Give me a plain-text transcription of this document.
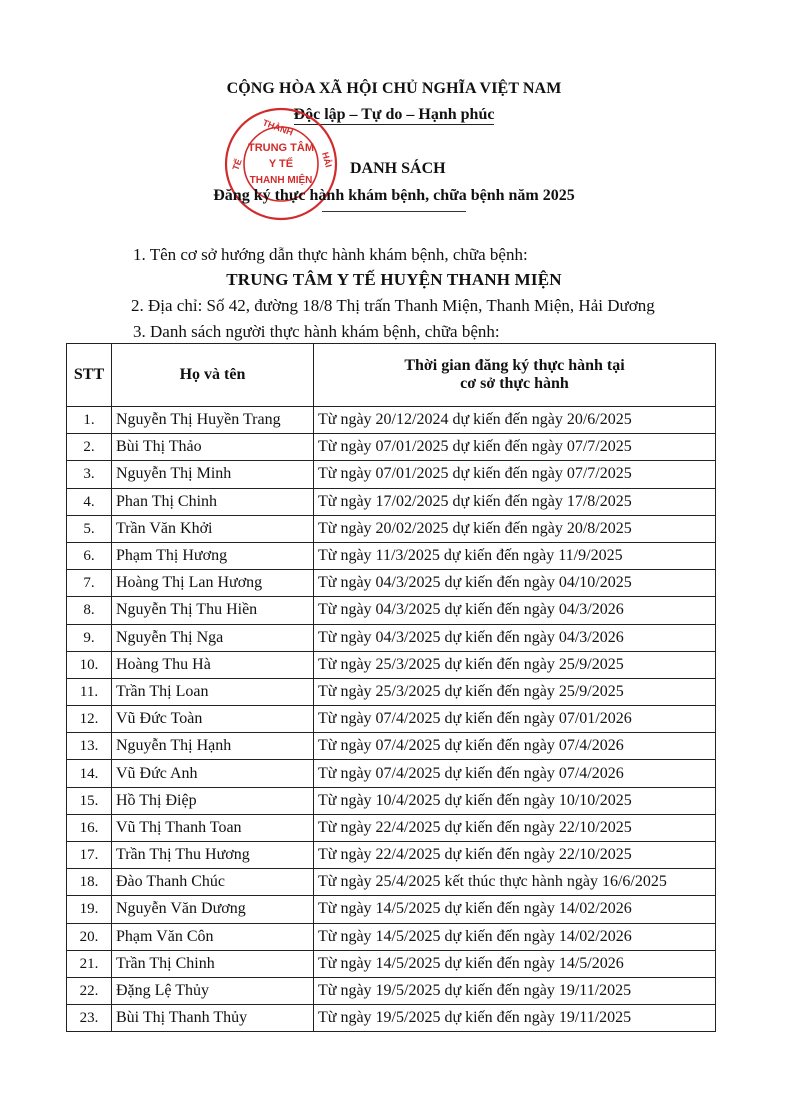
CỘNG HÒA XÃ HỘI CHỦ NGHĨA VIỆT NAM
Độc lập – Tự do – Hạnh phúc
TẾ
THÀNH
HẢI
TRUNG TÂM
Y TẾ
THANH MIỆN
DANH SÁCH
Đăng ký thực hành khám bệnh, chữa bệnh năm 2025
1. Tên cơ sở hướng dẫn thực hành khám bệnh, chữa bệnh:
TRUNG TÂM Y TẾ HUYỆN THANH MIỆN
2. Địa chỉ: Số 42, đường 18/8 Thị trấn Thanh Miện, Thanh Miện, Hải Dương
3. Danh sách người thực hành khám bệnh, chữa bệnh:
STT	Họ và tên	Thời gian đăng ký thực hành tại
cơ sở thực hành

1.	Nguyễn Thị Huyền Trang	Từ ngày 20/12/2024 dự kiến đến ngày 20/6/2025
2.	Bùi Thị Thảo	Từ ngày 07/01/2025 dự kiến đến ngày 07/7/2025
3.	Nguyễn Thị Minh	Từ ngày 07/01/2025 dự kiến đến ngày 07/7/2025
4.	Phan Thị Chinh	Từ ngày 17/02/2025 dự kiến đến ngày 17/8/2025
5.	Trần Văn Khởi	Từ ngày 20/02/2025 dự kiến đến ngày 20/8/2025
6.	Phạm Thị Hương	Từ ngày 11/3/2025 dự kiến đến ngày 11/9/2025
7.	Hoàng Thị Lan Hương	Từ ngày 04/3/2025 dự kiến đến ngày 04/10/2025
8.	Nguyễn Thị Thu Hiền	Từ ngày 04/3/2025 dự kiến đến ngày 04/3/2026
9.	Nguyễn Thị Nga	Từ ngày 04/3/2025 dự kiến đến ngày 04/3/2026
10.	Hoàng Thu Hà	Từ ngày 25/3/2025 dự kiến đến ngày 25/9/2025
11.	Trần Thị Loan	Từ ngày 25/3/2025 dự kiến đến ngày 25/9/2025
12.	Vũ Đức Toàn	Từ ngày 07/4/2025 dự kiến đến ngày 07/01/2026
13.	Nguyễn Thị Hạnh	Từ ngày 07/4/2025 dự kiến đến ngày 07/4/2026
14.	Vũ Đức Anh	Từ ngày 07/4/2025 dự kiến đến ngày 07/4/2026
15.	Hồ Thị Điệp	Từ ngày 10/4/2025 dự kiến đến ngày 10/10/2025
16.	Vũ Thị Thanh Toan	Từ ngày 22/4/2025 dự kiến đến ngày 22/10/2025
17.	Trần Thị Thu Hương	Từ ngày 22/4/2025 dự kiến đến ngày 22/10/2025
18.	Đào Thanh Chúc	Từ ngày 25/4/2025 kết thúc thực hành ngày 16/6/2025
19.	Nguyễn Văn Dương	Từ ngày 14/5/2025 dự kiến đến ngày 14/02/2026
20.	Phạm Văn Côn	Từ ngày 14/5/2025 dự kiến đến ngày 14/02/2026
21.	Trần Thị Chinh	Từ ngày 14/5/2025 dự kiến đến ngày 14/5/2026
22.	Đặng Lệ Thủy	Từ ngày 19/5/2025 dự kiến đến ngày 19/11/2025
23.	Bùi Thị Thanh Thủy	Từ ngày 19/5/2025 dự kiến đến ngày 19/11/2025
